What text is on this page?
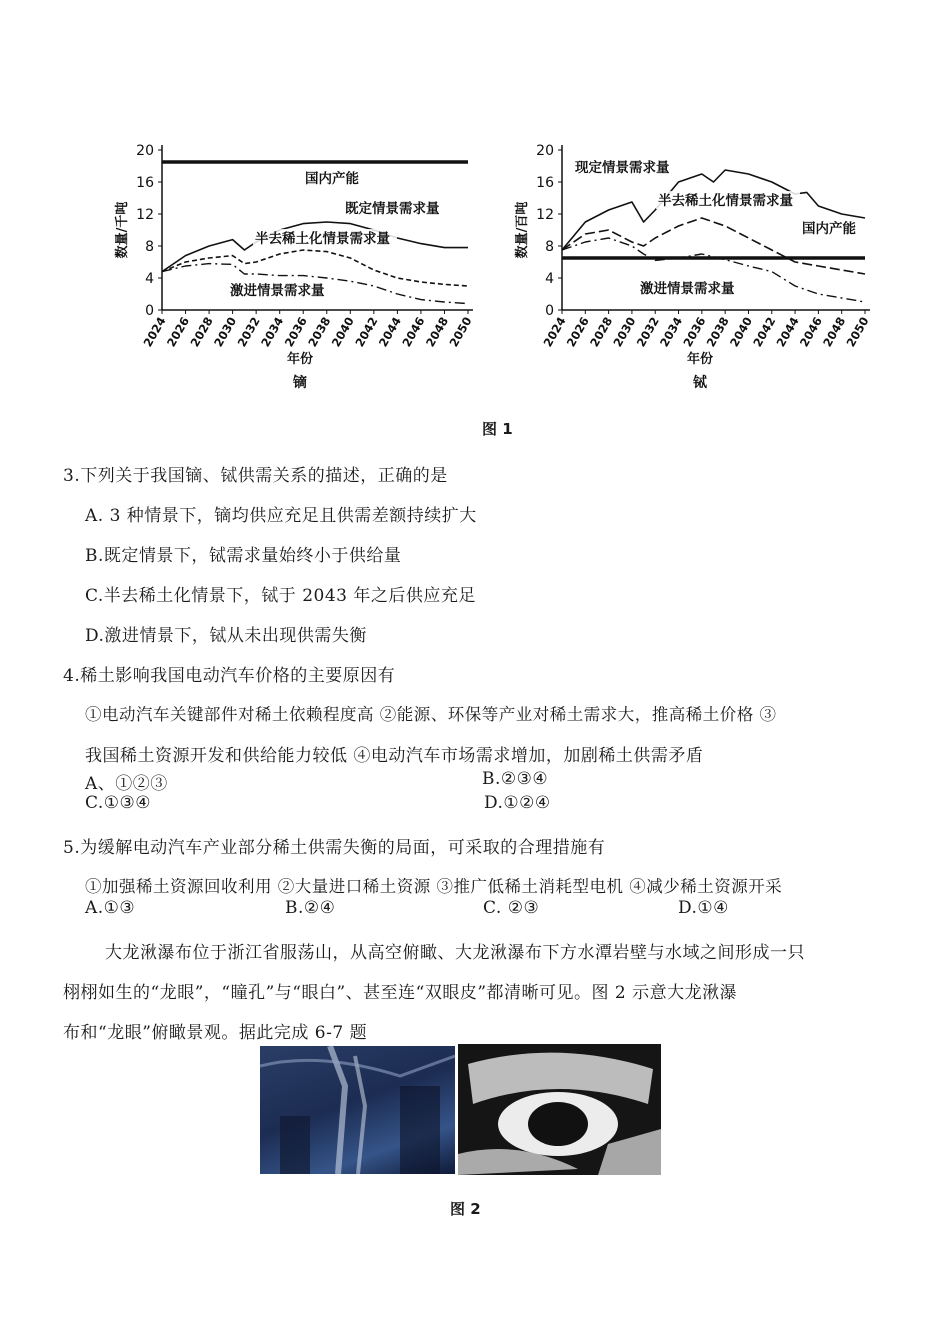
0
4
8
12
16
20
2024
2026
2028
2030
2032
2034
2036
2038
2040
2042
2044
2046
2048
2050
数量/千吨
年份
镝
国内产能
既定情景需求量
半去稀土化情景需求量
激进情景需求量
0
4
8
12
16
20
2024
2026
2028
2030
2032
2034
2036
2038
2040
2042
2044
2046
2048
2050
数量/百吨
年份
铽
现定情景需求量
半去稀土化情景需求量
国内产能
激进情景需求量
图 1
3.下列关于我国镝、铽供需关系的描述，正确的是
A. 3 种情景下，镝均供应充足且供需差额持续扩大
B.既定情景下，铽需求量始终小于供给量
C.半去稀土化情景下，铽于 2043 年之后供应充足
D.激进情景下，铽从未出现供需失衡
4.稀土影响我国电动汽车价格的主要原因有
①电动汽车关键部件对稀土依赖程度高 ②能源、环保等产业对稀土需求大，推高稀土价格 ③
我国稀土资源开发和供给能力较低 ④电动汽车市场需求增加，加剧稀土供需矛盾
A、①②③	B.②③④
C.①③④	D.①②④
5.为缓解电动汽车产业部分稀土供需失衡的局面，可采取的合理措施有
①加强稀土资源回收利用 ②大量进口稀土资源 ③推广低稀土消耗型电机 ④减少稀土资源开采
A.①③	B.②④	C. ②③	D.①④
大龙湫瀑布位于浙江省服荡山，从高空俯瞰、大龙湫瀑布下方水潭岩壁与水域之间形成一只
栩栩如生的“龙眼”，“瞳孔”与“眼白”、甚至连“双眼皮”都清晰可见。图 2 示意大龙湫瀑
布和“龙眼”俯瞰景观。据此完成 6-7 题
图 2
